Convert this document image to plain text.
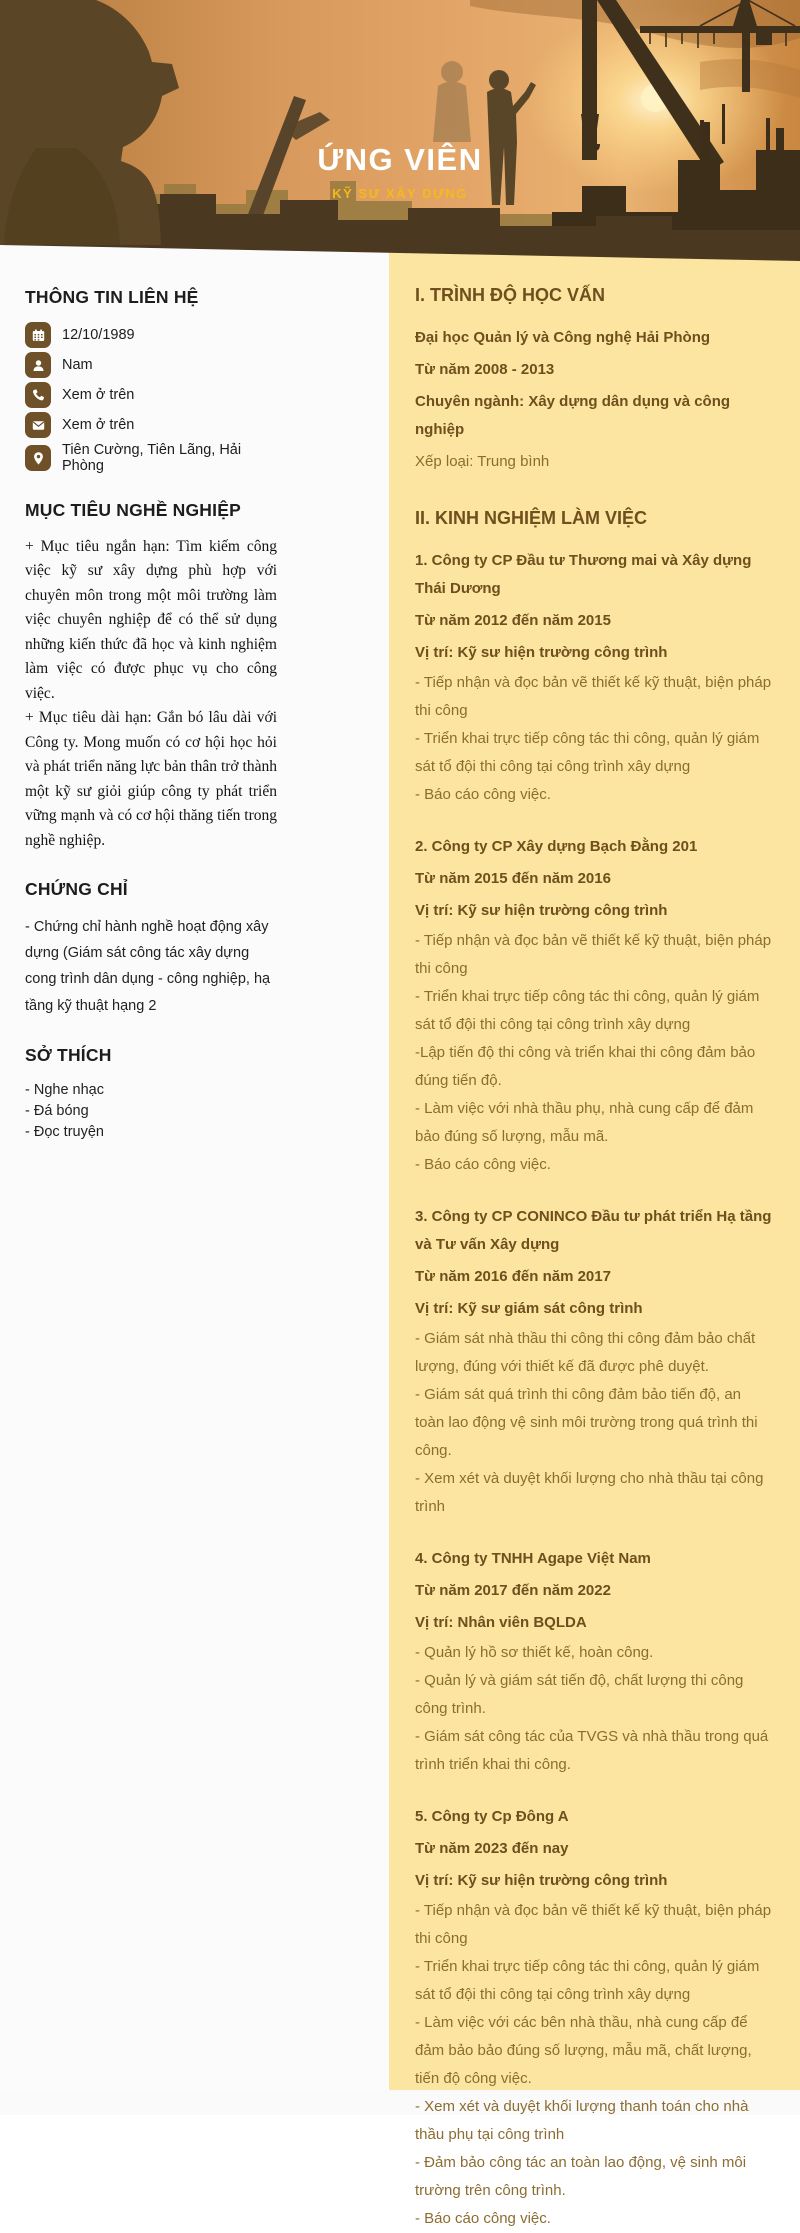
ỨNG VIÊN
KỸ SƯ XÂY DỰNG
THÔNG TIN LIÊN HỆ
12/10/1989
Nam
Xem ở trên
Xem ở trên
Tiên Cường, Tiên Lãng, Hải Phòng
MỤC TIÊU NGHỀ NGHIỆP

+ Mục tiêu ngắn hạn: Tìm kiếm công việc kỹ sư xây dựng phù hợp với chuyên môn trong một môi trường làm việc chuyên nghiệp để có thể sử dụng những kiến thức đã học và kinh nghiệm làm việc có được phục vụ cho công việc.

+ Mục tiêu dài hạn: Gắn bó lâu dài với Công ty. Mong muốn có cơ hội học hỏi và phát triển năng lực bản thân trở thành một kỹ sư giỏi giúp công ty phát triển vững mạnh và có cơ hội thăng tiến trong nghề nghiệp.

CHỨNG CHỈ

- Chứng chỉ hành nghề hoạt động xây dựng (Giám sát công tác xây dựng cong trình dân dụng - công nghiệp, hạ tầng kỹ thuật hạng 2

SỞ THÍCH
- Nghe nhạc
- Đá bóng
- Đọc truyện
I. TRÌNH ĐỘ HỌC VẤN

Đại học Quản lý và Công nghệ Hải Phòng

Từ năm 2008 - 2013

Chuyên ngành: Xây dựng dân dụng và công nghiệp

Xếp loại: Trung bình

II. KINH NGHIỆM LÀM VIỆC

1. Công ty CP Đầu tư Thương mai và Xây dựng Thái Dương

Từ năm 2012 đến năm 2015

Vị trí: Kỹ sư hiện trường công trình

- Tiếp nhận và đọc bản vẽ thiết kế kỹ thuật, biện pháp thi công
- Triển khai trực tiếp công tác thi công, quản lý giám sát tổ đội thi công tại công trình xây dựng
- Báo cáo công việc.

2. Công ty CP Xây dựng Bạch Đằng 201

Từ năm 2015 đến năm 2016

Vị trí: Kỹ sư hiện trường công trình

- Tiếp nhận và đọc bản vẽ thiết kế kỹ thuật, biện pháp thi công
- Triển khai trực tiếp công tác thi công, quản lý giám sát tổ đội thi công tại công trình xây dựng
-Lập tiến độ thi công và triển khai thi công đảm bảo đúng tiến độ.
- Làm việc với nhà thầu phụ, nhà cung cấp để đảm bảo đúng số lượng, mẫu mã.
- Báo cáo công việc.

3. Công ty CP CONINCO Đầu tư phát triển Hạ tầng và Tư vấn Xây dựng

Từ năm 2016 đến năm 2017

Vị trí: Kỹ sư giám sát công trình

- Giám sát nhà thầu thi công thi công đảm bảo chất lượng, đúng với thiết kế đã được phê duyệt.
- Giám sát quá trình thi công đảm bảo tiến độ, an toàn lao động vệ sinh môi trường trong quá trình thi công.
- Xem xét và duyệt khối lượng cho nhà thầu tại công trình

4. Công ty TNHH Agape Việt Nam

Từ năm 2017 đến năm 2022

Vị trí: Nhân viên BQLDA

- Quản lý hồ sơ thiết kế, hoàn công.
- Quản lý và giám sát tiến độ, chất lượng thi công công trình.
- Giám sát công tác của TVGS và nhà thầu trong quá trình triển khai thi công.

5. Công ty Cp Đông A

Từ năm 2023 đến nay

Vị trí: Kỹ sư hiện trường công trình

- Tiếp nhận và đọc bản vẽ thiết kế kỹ thuật, biện pháp thi công
- Triển khai trực tiếp công tác thi công, quản lý giám sát tổ đội thi công tại công trình xây dựng
- Làm việc với các bên nhà thầu, nhà cung cấp để đảm bảo bảo đúng số lượng, mẫu mã, chất lượng, tiến độ công việc.
- Xem xét và duyệt khối lượng thanh toán cho nhà thầu phụ tại công trình
- Đảm bảo công tác an toàn lao động, vệ sinh môi trường trên công trình.
- Báo cáo công việc.
